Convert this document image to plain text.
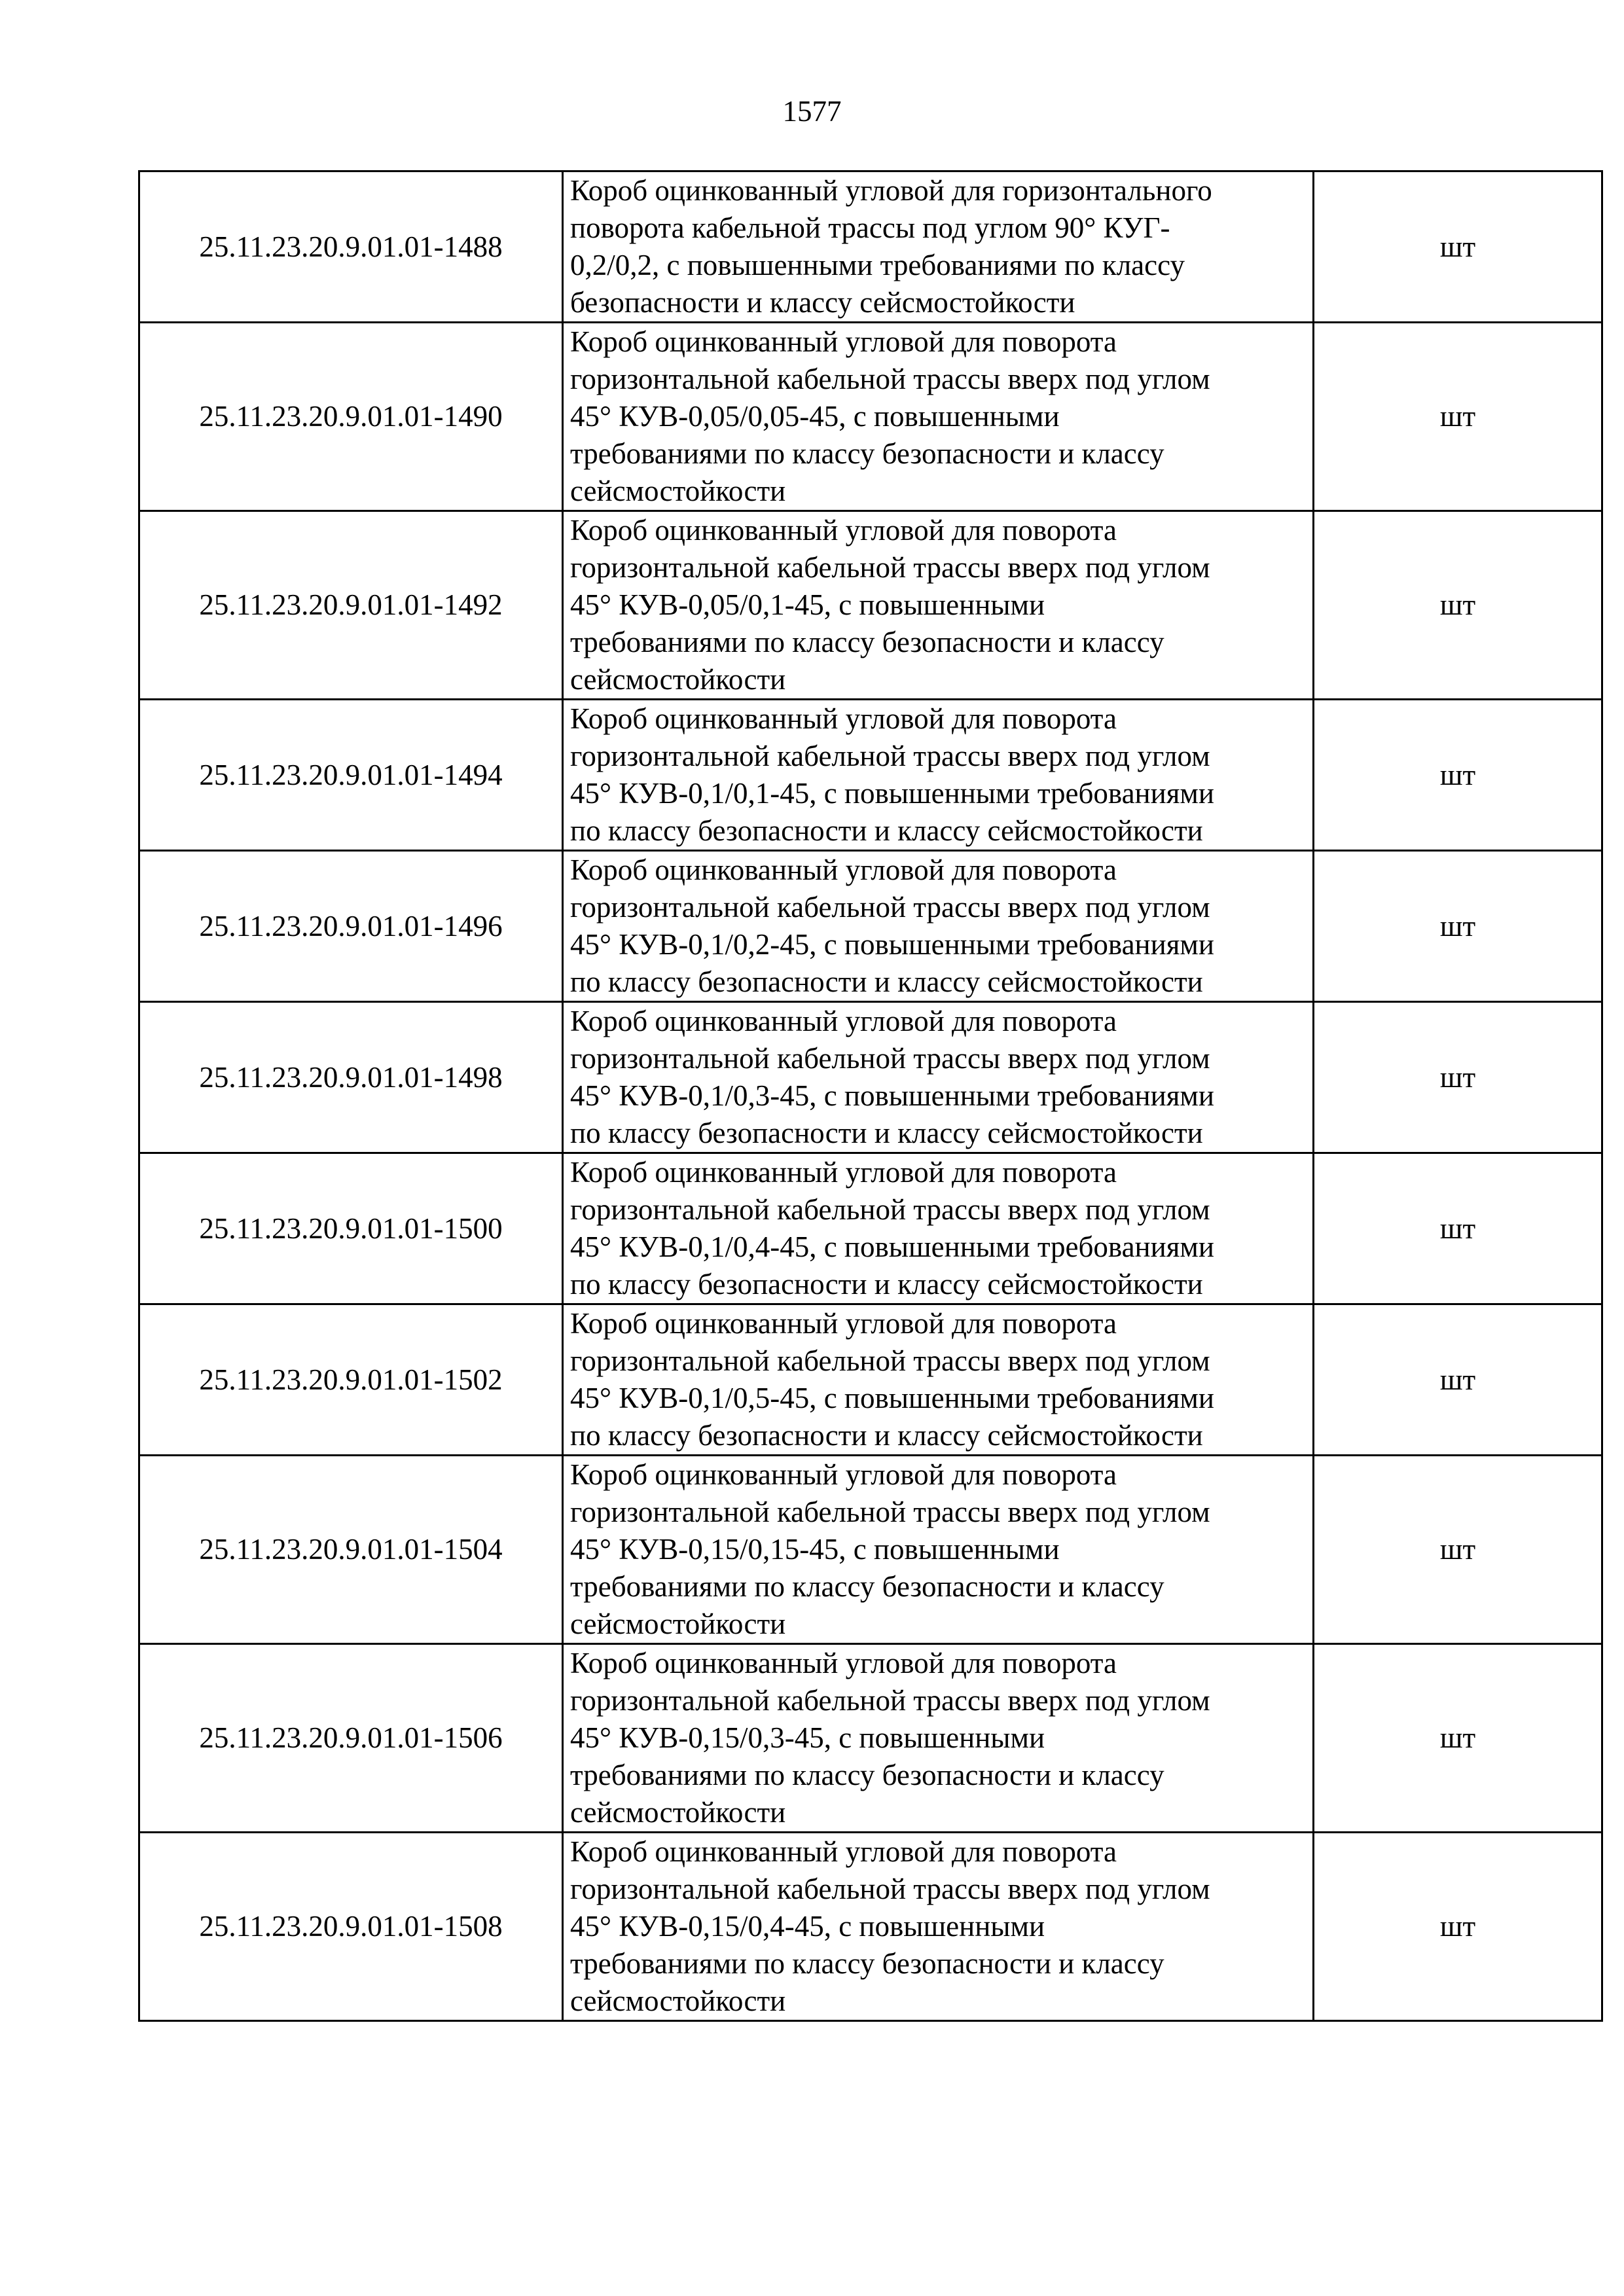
1577
25.11.23.20.9.01.01-1488	Короб оцинкованный угловой для горизонтального
поворота кабельной трассы под углом 90° КУГ-
0,2/0,2, с повышенными требованиями по классу
безопасности и классу сейсмостойкости	шт
25.11.23.20.9.01.01-1490	Короб оцинкованный угловой для поворота
горизонтальной кабельной трассы вверх под углом
45° КУВ-0,05/0,05-45, с повышенными
требованиями по классу безопасности и классу
сейсмостойкости	шт
25.11.23.20.9.01.01-1492	Короб оцинкованный угловой для поворота
горизонтальной кабельной трассы вверх под углом
45° КУВ-0,05/0,1-45, с повышенными
требованиями по классу безопасности и классу
сейсмостойкости	шт
25.11.23.20.9.01.01-1494	Короб оцинкованный угловой для поворота
горизонтальной кабельной трассы вверх под углом
45° КУВ-0,1/0,1-45, с повышенными требованиями
по классу безопасности и классу сейсмостойкости	шт
25.11.23.20.9.01.01-1496	Короб оцинкованный угловой для поворота
горизонтальной кабельной трассы вверх под углом
45° КУВ-0,1/0,2-45, с повышенными требованиями
по классу безопасности и классу сейсмостойкости	шт
25.11.23.20.9.01.01-1498	Короб оцинкованный угловой для поворота
горизонтальной кабельной трассы вверх под углом
45° КУВ-0,1/0,3-45, с повышенными требованиями
по классу безопасности и классу сейсмостойкости	шт
25.11.23.20.9.01.01-1500	Короб оцинкованный угловой для поворота
горизонтальной кабельной трассы вверх под углом
45° КУВ-0,1/0,4-45, с повышенными требованиями
по классу безопасности и классу сейсмостойкости	шт
25.11.23.20.9.01.01-1502	Короб оцинкованный угловой для поворота
горизонтальной кабельной трассы вверх под углом
45° КУВ-0,1/0,5-45, с повышенными требованиями
по классу безопасности и классу сейсмостойкости	шт
25.11.23.20.9.01.01-1504	Короб оцинкованный угловой для поворота
горизонтальной кабельной трассы вверх под углом
45° КУВ-0,15/0,15-45, с повышенными
требованиями по классу безопасности и классу
сейсмостойкости	шт
25.11.23.20.9.01.01-1506	Короб оцинкованный угловой для поворота
горизонтальной кабельной трассы вверх под углом
45° КУВ-0,15/0,3-45, с повышенными
требованиями по классу безопасности и классу
сейсмостойкости	шт
25.11.23.20.9.01.01-1508	Короб оцинкованный угловой для поворота
горизонтальной кабельной трассы вверх под углом
45° КУВ-0,15/0,4-45, с повышенными
требованиями по классу безопасности и классу
сейсмостойкости	шт
